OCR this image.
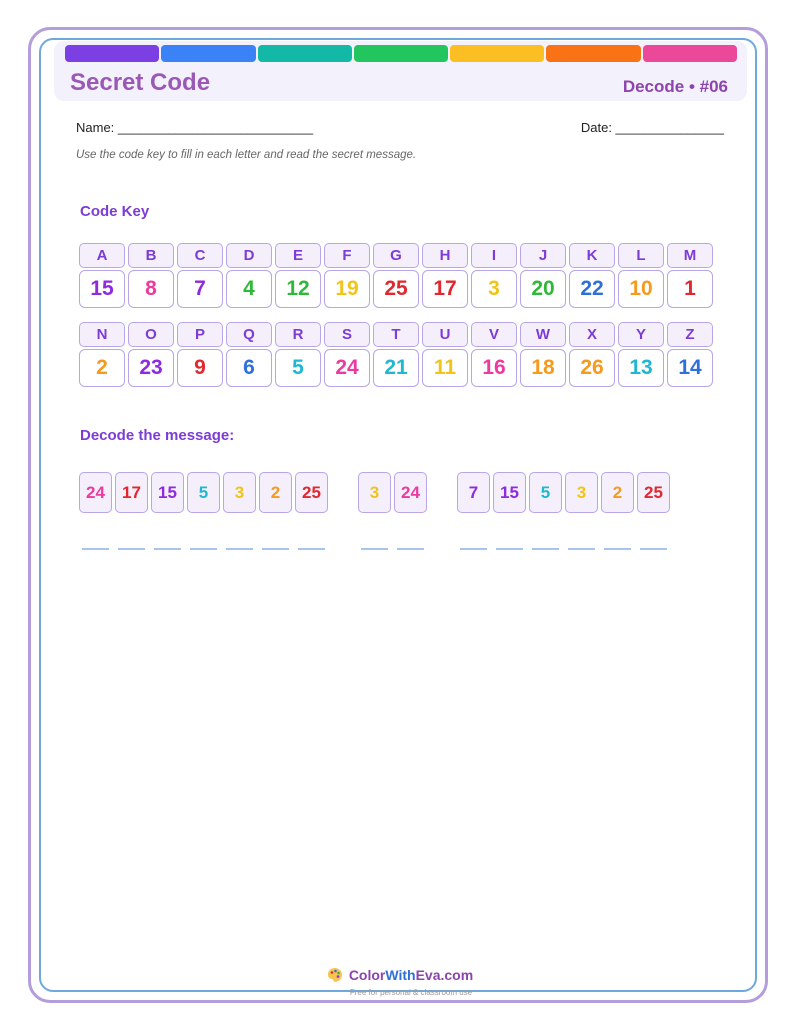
Secret Code	Decode • #06
Name: ___________________________	Date: _______________
Use the code key to fill in each letter and read the secret message.
Code Key
A
15
B
8
C
7
D
4
E
12
F
19
G
25
H
17
I
3
J
20
K
22
L
10
M
1
N
2
O
23
P
9
Q
6
R
5
S
24
T
21
U
11
V
16
W
18
X
26
Y
13
Z
14
Decode the message:
24	17	15	5	3	2	25	3	24	7	15	5	3	2	25
ColorWithEva.com
Free for personal & classroom use
